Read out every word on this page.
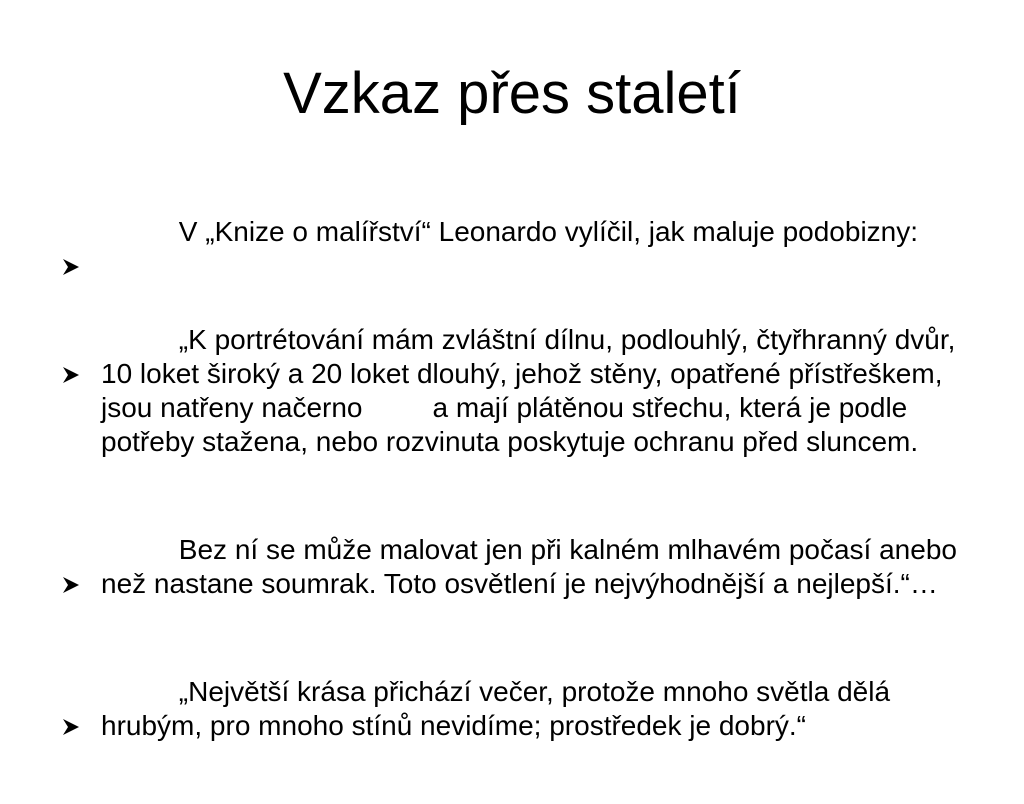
Vzkaz přes staletí

V „Knize o malířství“ Leonardo vylíčil, jak maluje podobizny:

„K portrétování mám zvláštní dílnu, podlouhlý, čtyřhranný dvůr, 10 loket široký a 20 loket dlouhý, jehož stěny, opatřené přístřeškem, jsou natřeny načerno         a mají plátěnou střechu, která je podle potřeby stažena, nebo rozvinuta poskytuje ochranu před sluncem.

Bez ní se může malovat jen při kalném mlhavém počasí anebo než nastane soumrak. Toto osvětlení je nejvýhodnější a nejlepší.“…

„Největší krása přichází večer, protože mnoho světla dělá hrubým, pro mnoho stínů nevidíme; prostředek je dobrý.“
